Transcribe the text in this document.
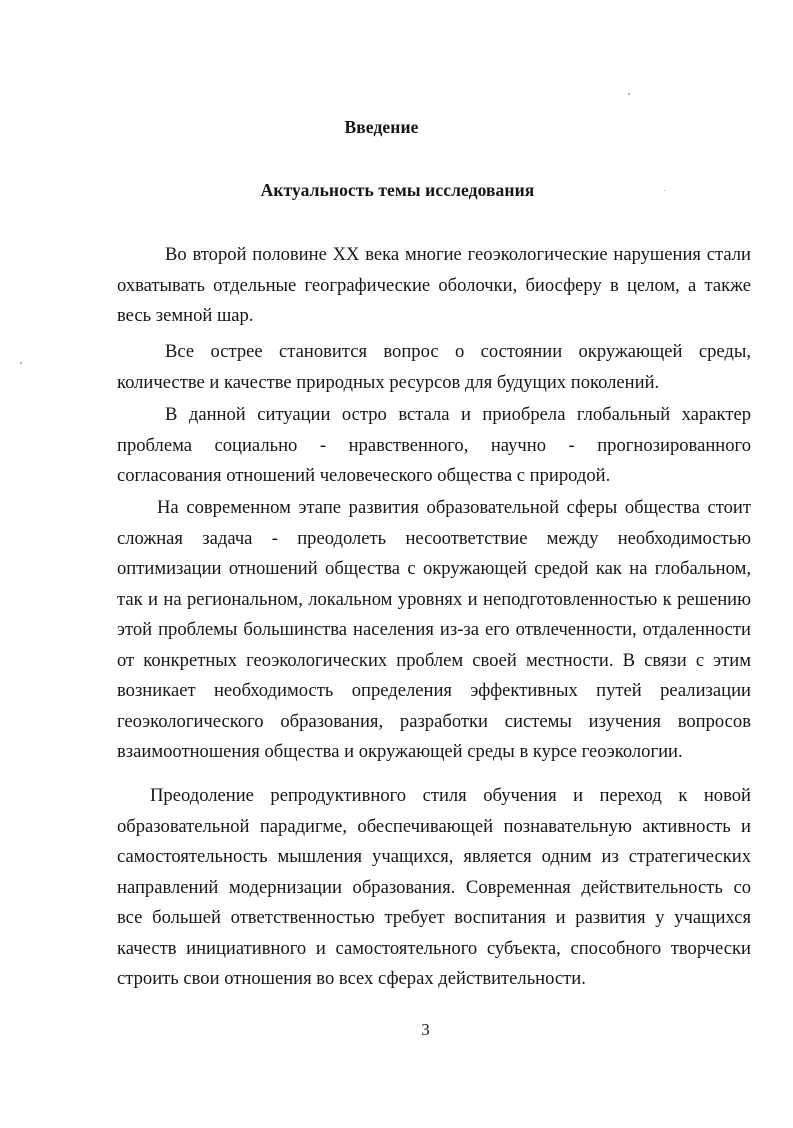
Введение
Актуальность темы исследования

Во второй половине XX века многие геоэкологические нарушения стали охватывать отдельные географические оболочки, биосферу в целом, а также весь земной шар.

Все острее становится вопрос о состоянии окружающей среды, количестве и качестве природных ресурсов для будущих поколений.

В данной ситуации остро встала и приобрела глобальный характер проблема социально - нравственного, научно - прогнозированного согласования отношений человеческого общества с природой.

На современном этапе развития образовательной сферы общества стоит сложная задача - преодолеть несоответствие между необходимостью оптимизации отношений общества с окружающей средой как на глобальном, так и на региональном, локальном уровнях и неподготовленностью к решению этой проблемы большинства населения из-за его отвлеченности, отдаленности от конкретных геоэкологических проблем своей местности. В связи с этим возникает необходимость определения эффективных путей реализации геоэкологического образования, разработки системы изучения вопросов взаимоотношения общества и окружающей среды в курсе геоэкологии.

Преодоление репродуктивного стиля обучения и переход к новой образовательной парадигме, обеспечивающей познавательную активность и самостоятельность мышления учащихся, является одним из стратегических направлений модернизации образования. Современная действительность со все большей ответственностью требует воспитания и развития у учащихся качеств инициативного и самостоятельного субъекта, способного творчески строить свои отношения во всех сферах действительности.

3
